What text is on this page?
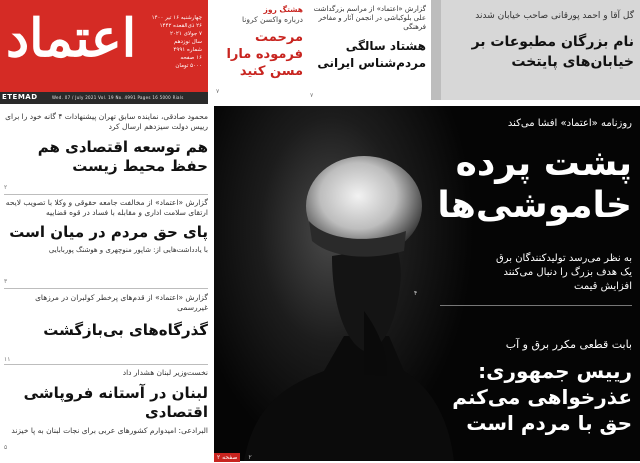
اعتماد	چهارشنبه ۱۶ تیر ۱۴۰۰
۲۶ ذی‌القعده ۱۴۴۲
۷ جولای ۲۰۲۱
سال نوزدهم
شماره ۴۹۹۱
۱۶ صفحه
۵۰۰۰ تومان
ETEMAD	Wed. 07 / July 2021 Vol. 19 No. 4991 Pages 16 5000 Rials
هشتگ روز
درباره واکسن کرونا
مرحمت فرموده مارا مسن کنید
۷
گزارش «اعتماد» از مراسم بزرگداشت علی بلوکباشی در انجمن آثار و مفاخر فرهنگی
هشتاد سالگی مردم‌شناس ایرانی
۷
گل آقا و احمد پورقانی صاحب خیابان شدند
نام بزرگان مطبوعات بر خیابان‌های پایتخت
محمود صادقی، نماینده سابق تهران پیشنهادات ۴ گانه خود را برای رییس دولت سیزدهم ارسال کرد
هم توسعه اقتصادی هم حفظ محیط زیست
۲
گزارش «اعتماد» از مخالفت جامعه حقوقی و وکلا با تصویب لایحه ارتقای سلامت اداری و مقابله با فساد در قوه قضاییه
پای حق مردم در میان است
با یادداشت‌هایی از: شاپور منوچهری و هوشنگ پوربابایی
۳
گزارش «اعتماد» از قدم‌های پرخطر کولبران در مرزهای غیررسمی
گذرگاه‌های بی‌بازگشت
۱۱
نخست‌وزیر لبنان هشدار داد
لبنان در آستانه فروپاشی اقتصادی
البرادعی: امیدوارم کشورهای عربی برای نجات لبنان به پا خیزند
۵
روزنامه «اعتماد» افشا می‌کند
پشت پرده
خاموشی‌ها
به نظر می‌رسد تولیدکنندگان برق
یک هدف بزرگ را دنبال می‌کنند
افزایش قیمت
۴
بابت قطعی مکرر برق و آب
رییس جمهوری:
عذرخواهی می‌کنم
حق با مردم است
صفحه ۲ ۲
